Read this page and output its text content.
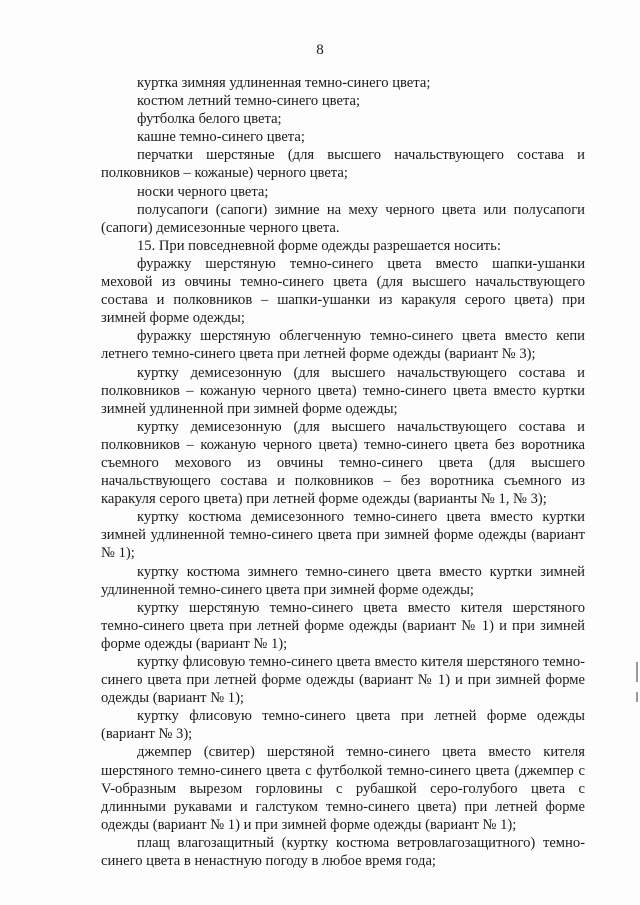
8

куртка зимняя удлиненная темно-синего цвета;

костюм летний темно-синего цвета;

футболка белого цвета;

кашне темно-синего цвета;

перчатки шерстяные (для высшего начальствующего состава и полковников – кожаные) черного цвета;

носки черного цвета;

полусапоги (сапоги) зимние на меху черного цвета или полусапоги (сапоги) демисезонные черного цвета.

15. При повседневной форме одежды разрешается носить:

фуражку шерстяную темно-синего цвета вместо шапки-ушанки меховой из овчины темно-синего цвета (для высшего начальствующего состава и полковников – шапки-ушанки из каракуля серого цвета) при зимней форме одежды;

фуражку шерстяную облегченную темно-синего цвета вместо кепи летнего темно-синего цвета при летней форме одежды (вариант № 3);

куртку демисезонную (для высшего начальствующего состава и полковников – кожаную черного цвета) темно-синего цвета вместо куртки зимней удлиненной при зимней форме одежды;

куртку демисезонную (для высшего начальствующего состава и полковников – кожаную черного цвета) темно-синего цвета без воротника съемного мехового из овчины темно-синего цвета (для высшего начальствующего состава и полковников – без воротника съемного из каракуля серого цвета) при летней форме одежды (варианты № 1, № 3);

куртку костюма демисезонного темно-синего цвета вместо куртки зимней удлиненной темно-синего цвета при зимней форме одежды (вариант № 1);

куртку костюма зимнего темно-синего цвета вместо куртки зимней удлиненной темно-синего цвета при зимней форме одежды;

куртку шерстяную темно-синего цвета вместо кителя шерстяного темно-синего цвета при летней форме одежды (вариант № 1) и при зимней форме одежды (вариант № 1);

куртку флисовую темно-синего цвета вместо кителя шерстяного темно-синего цвета при летней форме одежды (вариант № 1) и при зимней форме одежды (вариант № 1);

куртку флисовую темно-синего цвета при летней форме одежды (вариант № 3);

джемпер (свитер) шерстяной темно-синего цвета вместо кителя шерстяного темно-синего цвета с футболкой темно-синего цвета (джемпер с V-образным вырезом горловины с рубашкой серо-голубого цвета с длинными рукавами и галстуком темно-синего цвета) при летней форме одежды (вариант № 1) и при зимней форме одежды (вариант № 1);

плащ влагозащитный (куртку костюма ветровлагозащитного) темно-синего цвета в ненастную погоду в любое время года;
